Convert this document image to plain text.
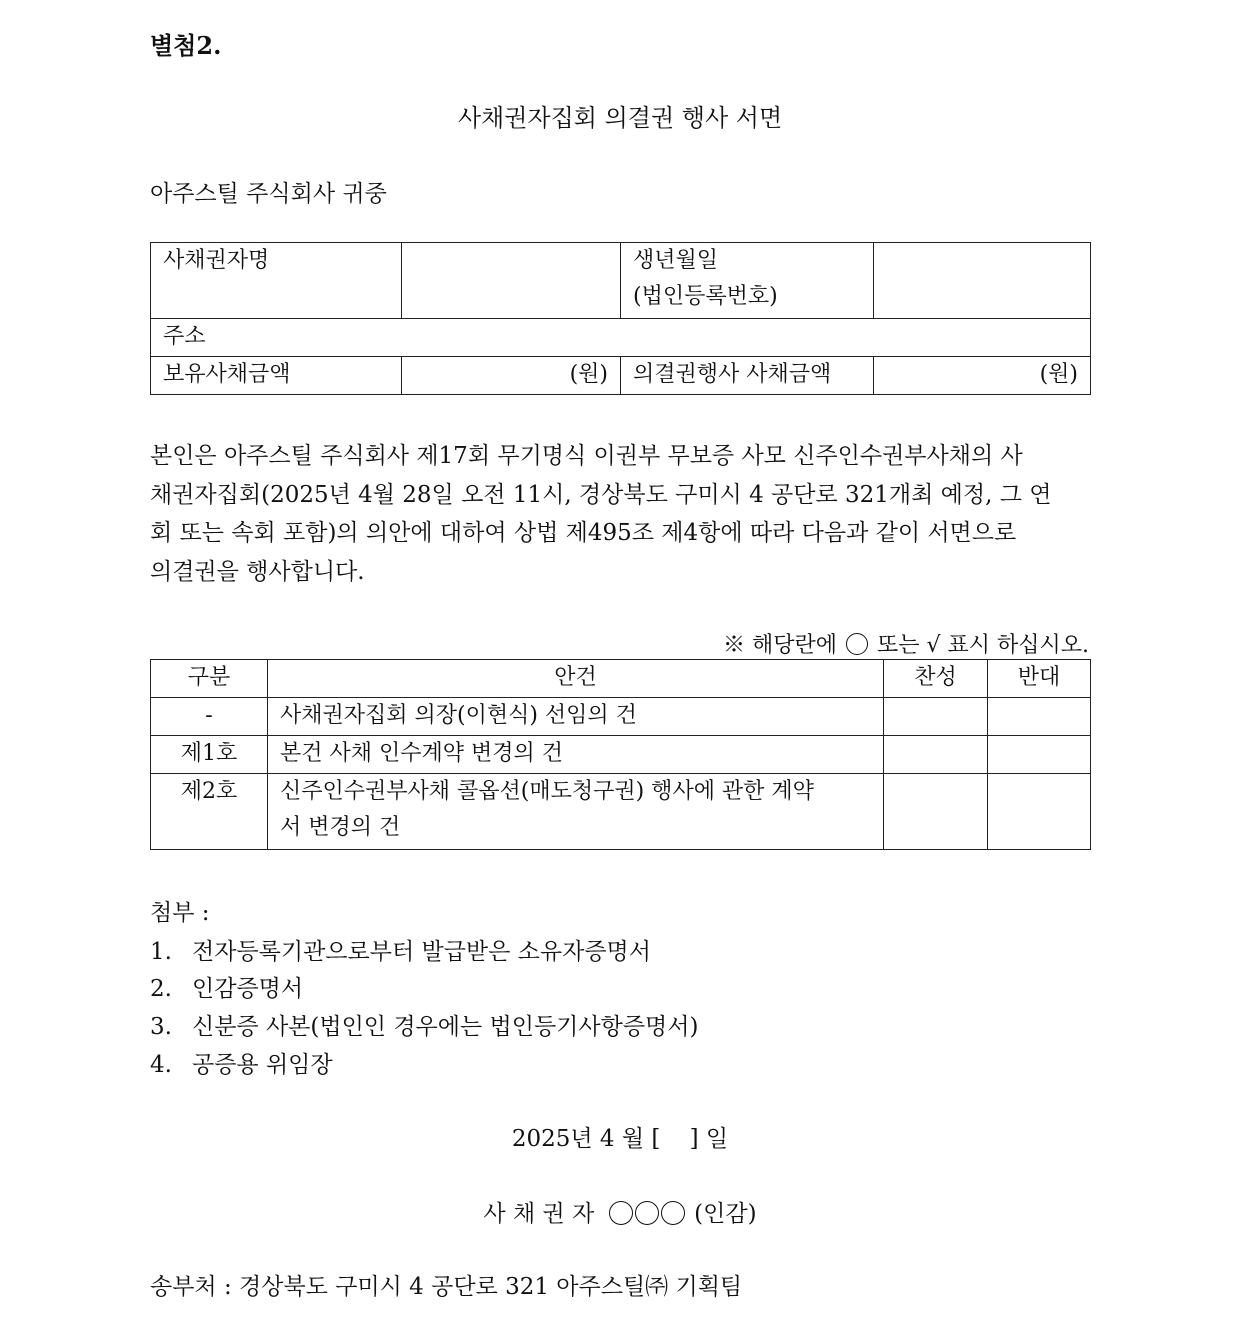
별첨2.
사채권자집회 의결권 행사 서면
아주스틸 주식회사 귀중
사채권자명		생년월일
(법인등록번호)	
주소			
보유사채금액	(원)	의결권행사 사채금액	(원)
본인은 아주스틸 주식회사 제17회 무기명식 이권부 무보증 사모 신주인수권부사채의 사
채권자집회(2025년 4월 28일 오전 11시, 경상북도 구미시 4 공단로 321개최 예정, 그 연
회 또는 속회 포함)의 의안에 대하여 상법 제495조 제4항에 따라 다음과 같이 서면으로
의결권을 행사합니다.
※ 해당란에 또는 √ 표시 하십시오.
구분	안건	찬성	반대
-	사채권자집회 의장(이현식) 선임의 건		
제1호	본건 사채 인수계약 변경의 건		
제2호	신주인수권부사채 콜옵션(매도청구권) 행사에 관한 계약
서 변경의 건		
첨부 :
1. 전자등록기관으로부터 발급받은 소유자증명서
2. 인감증명서
3. 신분증 사본(법인인 경우에는 법인등기사항증명서)
4. 공증용 위임장
2025년 4 월 [    ] 일
사 채 권 자	(인감)
송부처 : 경상북도 구미시 4 공단로 321 아주스틸㈜ 기획팀
